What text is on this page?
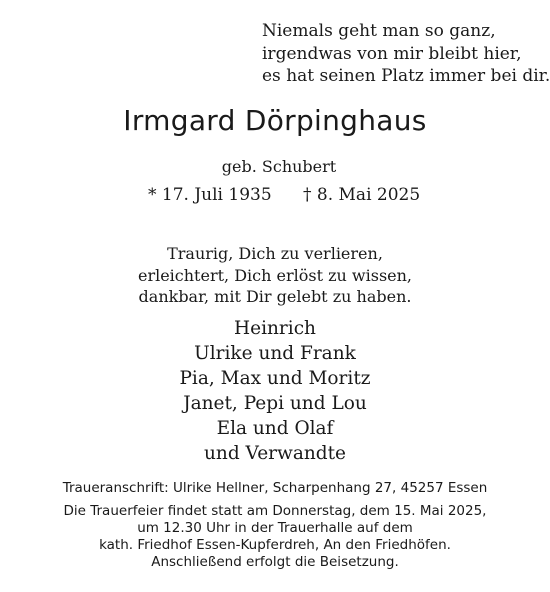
Niemals geht man so ganz,
irgendwas von mir bleibt hier,
es hat seinen Platz immer bei dir.
Irmgard Dörpinghaus
geb. Schubert
* 17. Juli 1935 † 8. Mai 2025
Traurig, Dich zu verlieren,
erleichtert, Dich erlöst zu wissen,
dankbar, mit Dir gelebt zu haben.
Heinrich
Ulrike und Frank
Pia, Max und Moritz
Janet, Pepi und Lou
Ela und Olaf
und Verwandte
Traueranschrift: Ulrike Hellner, Scharpenhang 27, 45257 Essen
Die Trauerfeier findet statt am Donnerstag, dem 15. Mai 2025,
um 12.30 Uhr in der Trauerhalle auf dem
kath. Friedhof Essen-Kupferdreh, An den Friedhöfen.
Anschließend erfolgt die Beisetzung.
